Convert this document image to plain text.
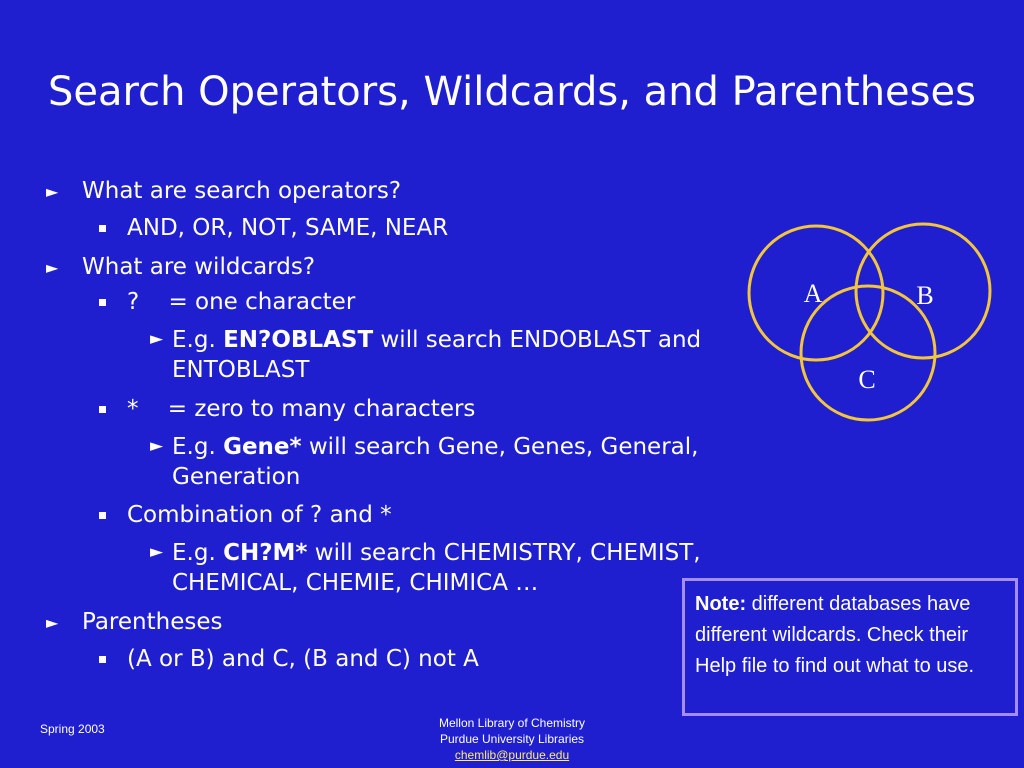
Search Operators, Wildcards, and Parentheses
► What are search operators?
AND, OR, NOT, SAME, NEAR
► What are wildcards?
?    = one character
► E.g. EN?OBLAST will search ENDOBLAST and
ENTOBLAST
*    = zero to many characters
► E.g. Gene* will search Gene, Genes, General,
Generation
Combination of ? and *
► E.g. CH?M* will search CHEMISTRY, CHEMIST,
CHEMICAL, CHEMIE, CHIMICA …
► Parentheses
(A or B) and C, (B and C) not A
A	B
C
Note: different databases have different wildcards. Check their Help file to find out what to use.
Spring 2003	Mellon Library of Chemistry
Purdue University Libraries
chemlib@purdue.edu
